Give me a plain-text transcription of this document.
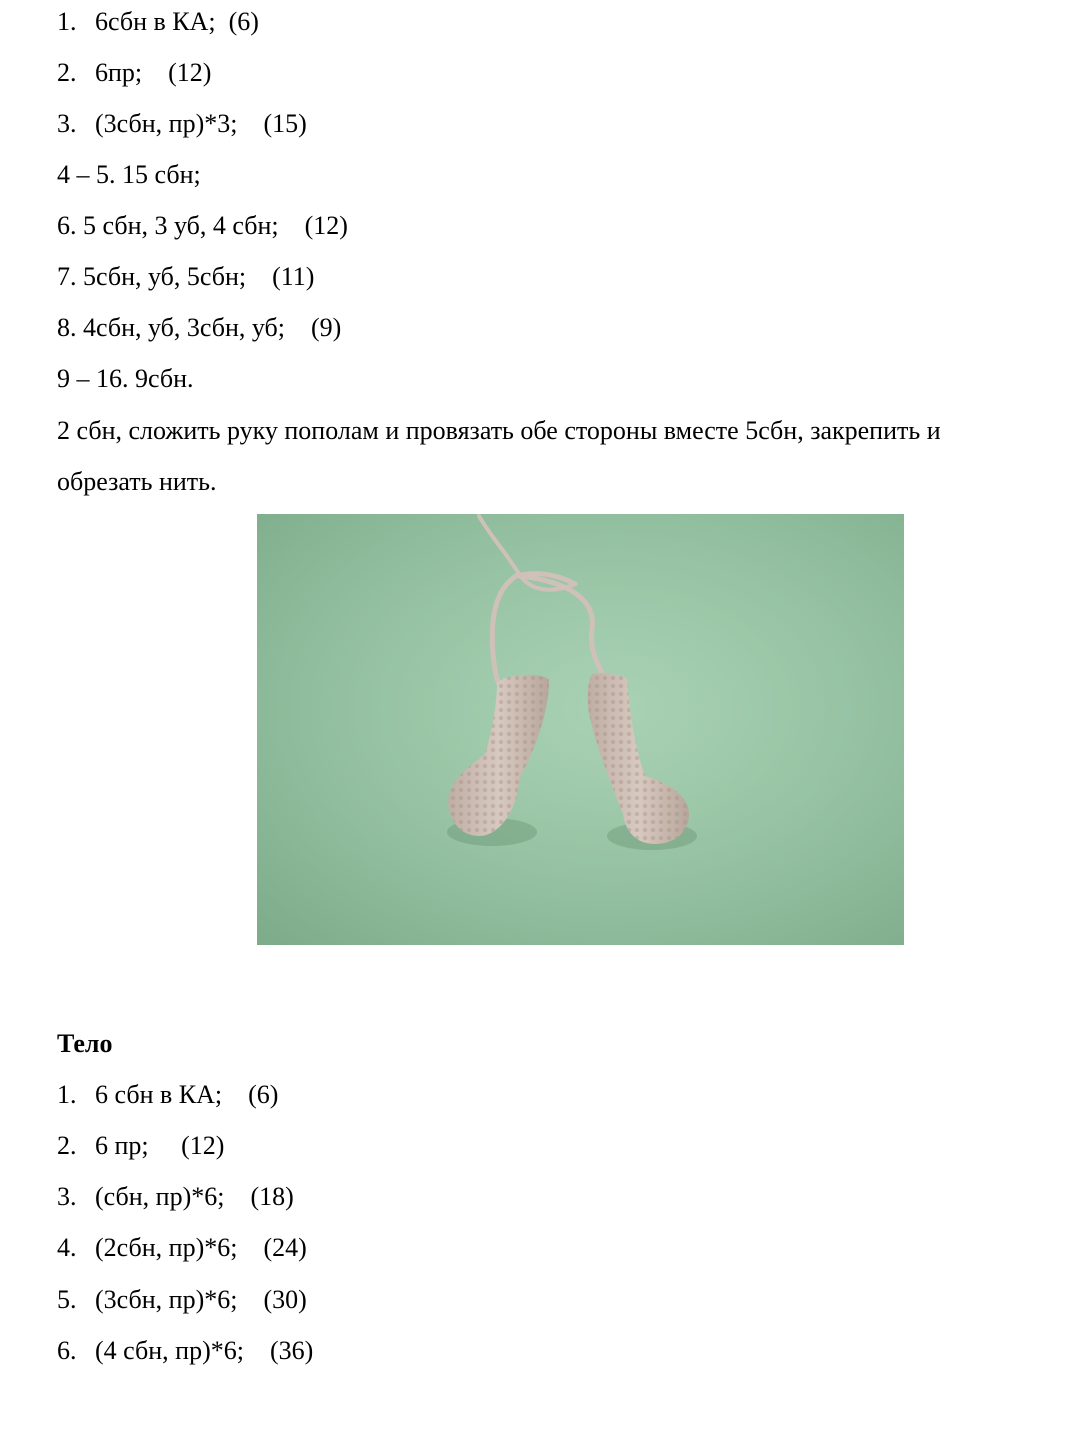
1. 6сбн в КА;  (6)
2. 6пр;    (12)
3. (3сбн, пр)*3;    (15)
4 – 5. 15 сбн;
6. 5 сбн, 3 уб, 4 сбн;    (12)
7. 5сбн, уб, 5сбн;    (11)
8. 4сбн, уб, 3сбн, уб;    (9)
9 – 16. 9сбн.
2 сбн, сложить руку пополам и провязать обе стороны вместе 5сбн, закрепить и
обрезать нить.
Тело
1. 6 сбн в КА;    (6)
2. 6 пр;     (12)
3. (сбн, пр)*6;    (18)
4. (2сбн, пр)*6;    (24)
5. (3сбн, пр)*6;    (30)
6. (4 сбн, пр)*6;    (36)
